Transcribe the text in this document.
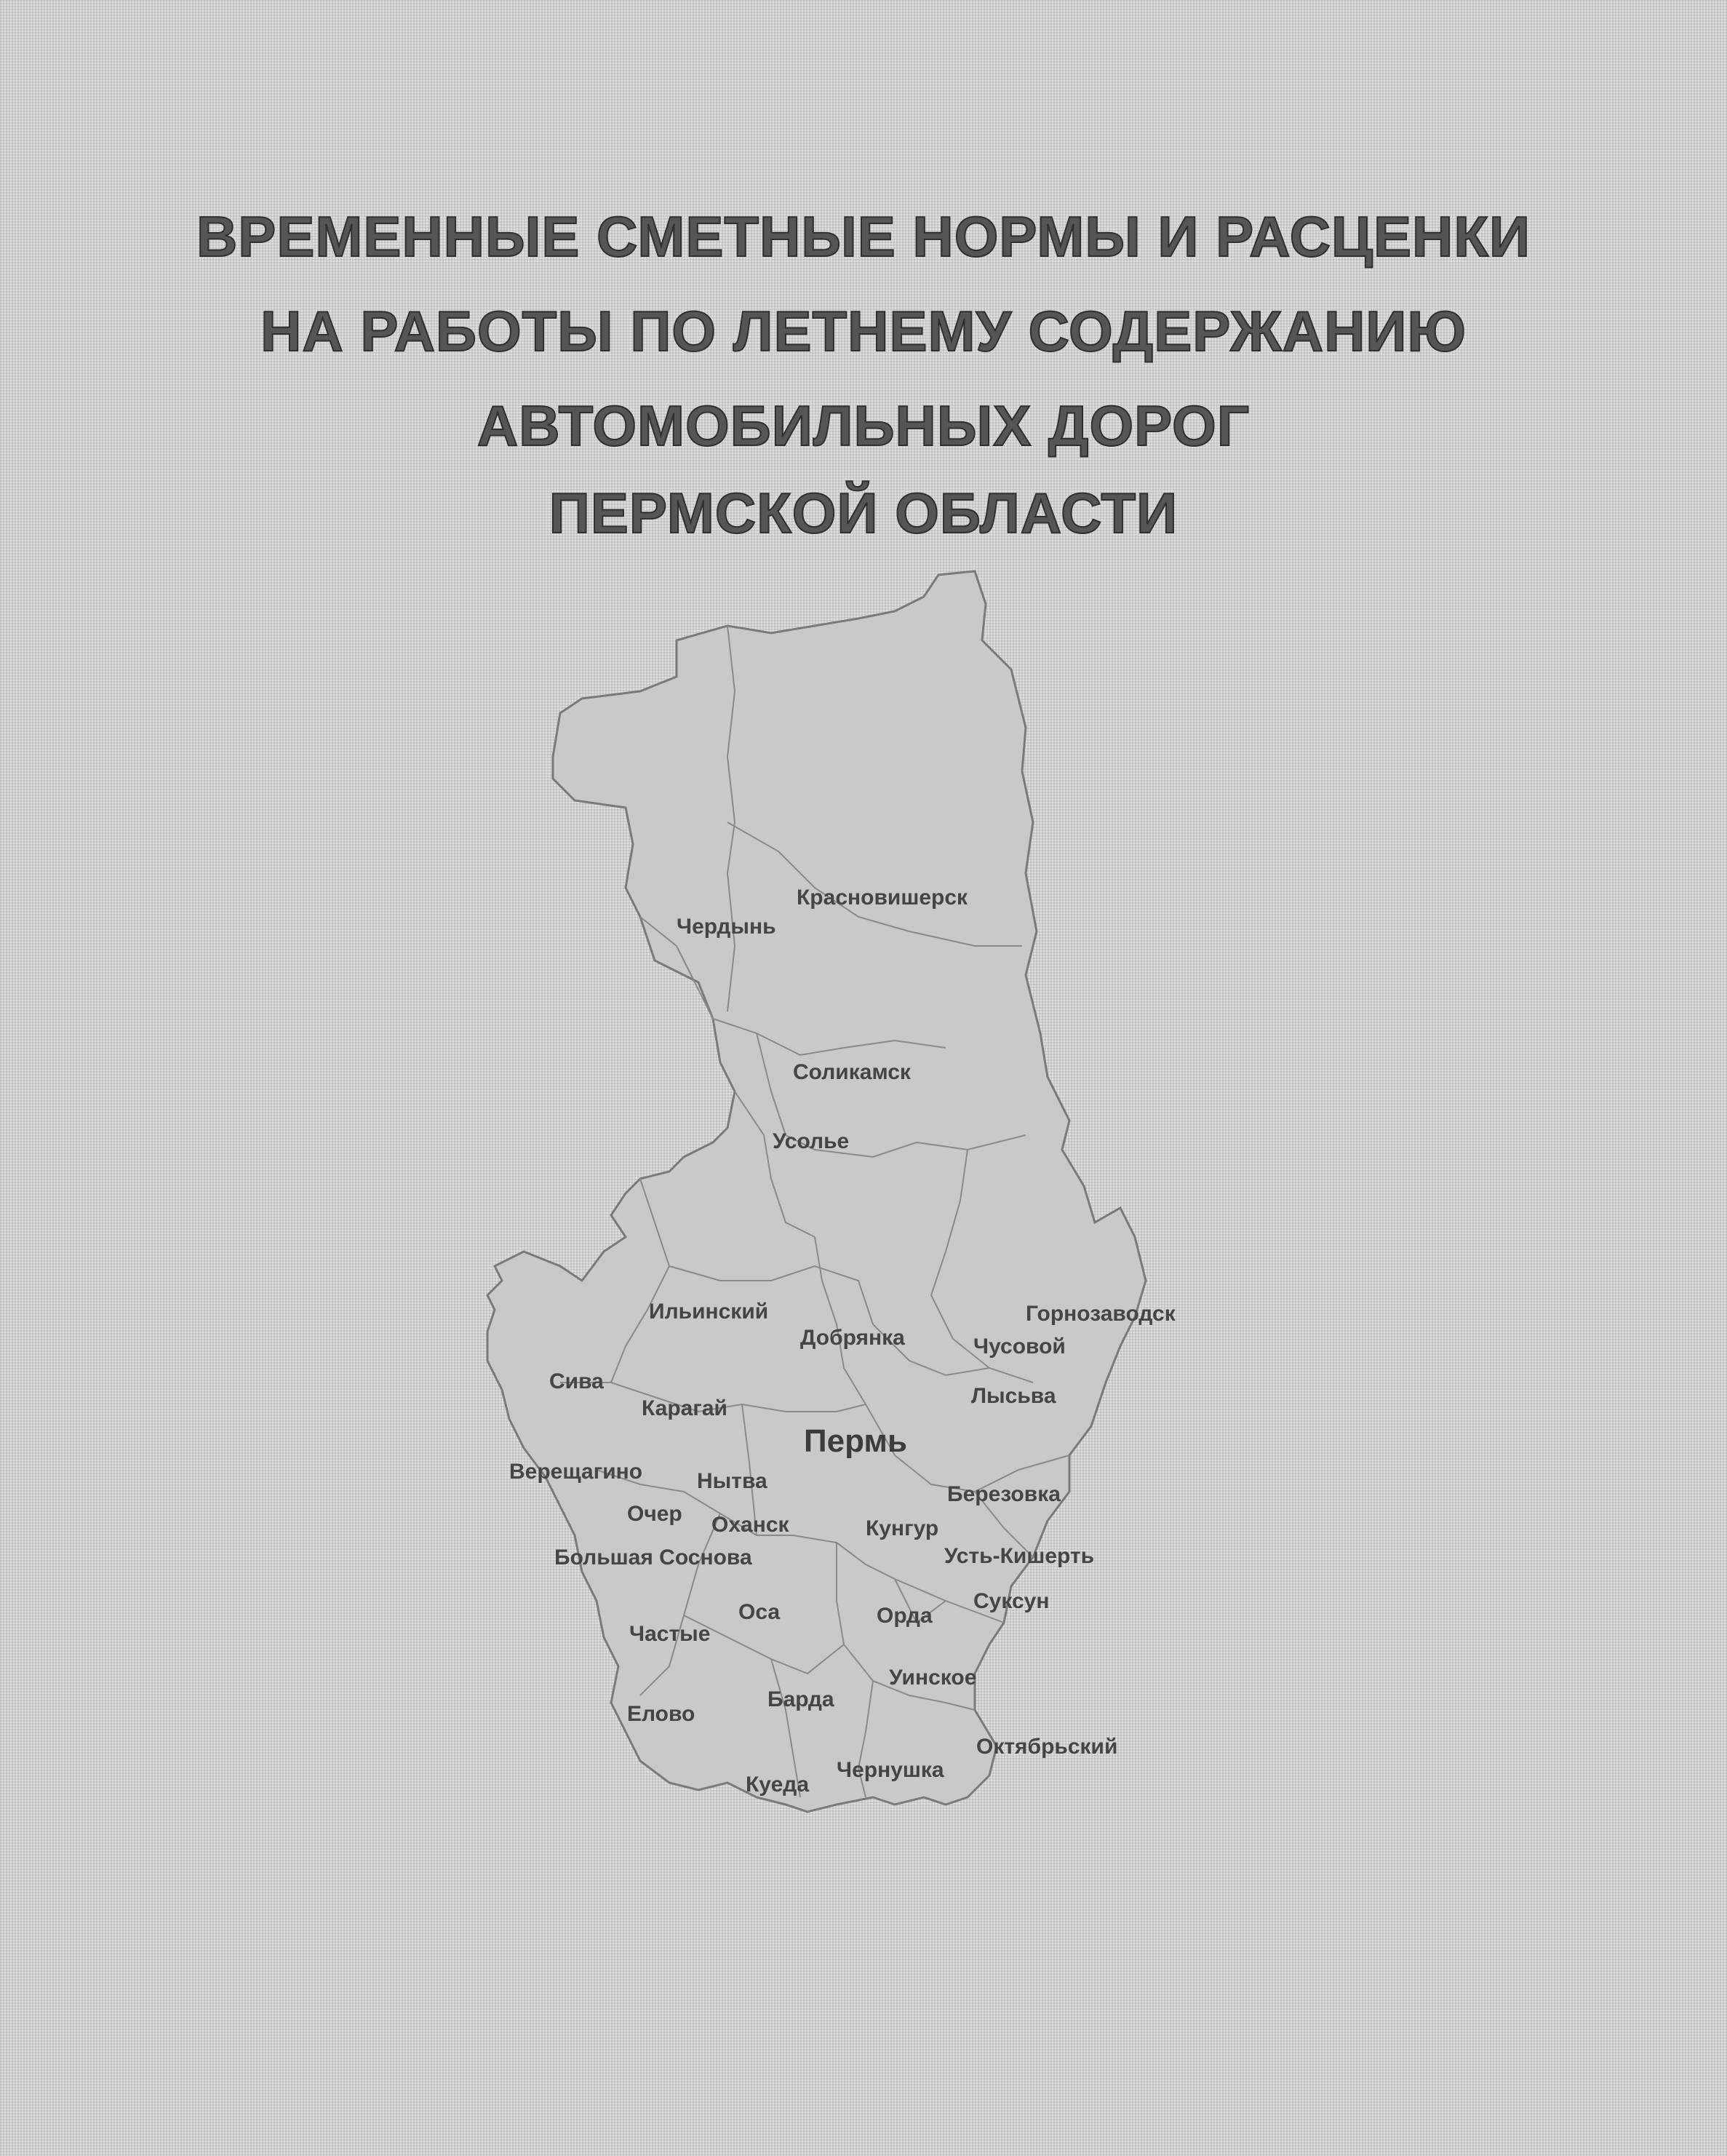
ВРЕМЕННЫЕ СМЕТНЫЕ НОРМЫ И РАСЦЕНКИ
НА РАБОТЫ ПО ЛЕТНЕМУ СОДЕРЖАНИЮ
АВТОМОБИЛЬНЫХ ДОРОГ
ПЕРМСКОЙ ОБЛАСТИ
Красновишерск
Чердынь
Соликамск
Усолье
Горнозаводск
Ильинский
Добрянка	Чусовой
Сива
Карагай
Лысьва
Пермь
Верещагино Нытва
Березовка
Очер Оханск	Кунгур
Большая Соснова	Усть-Кишерть
Оса	Орда
Суксун
Частые
Уинское
Барда
Елово
Октябрьский
Чернушка
Куеда
